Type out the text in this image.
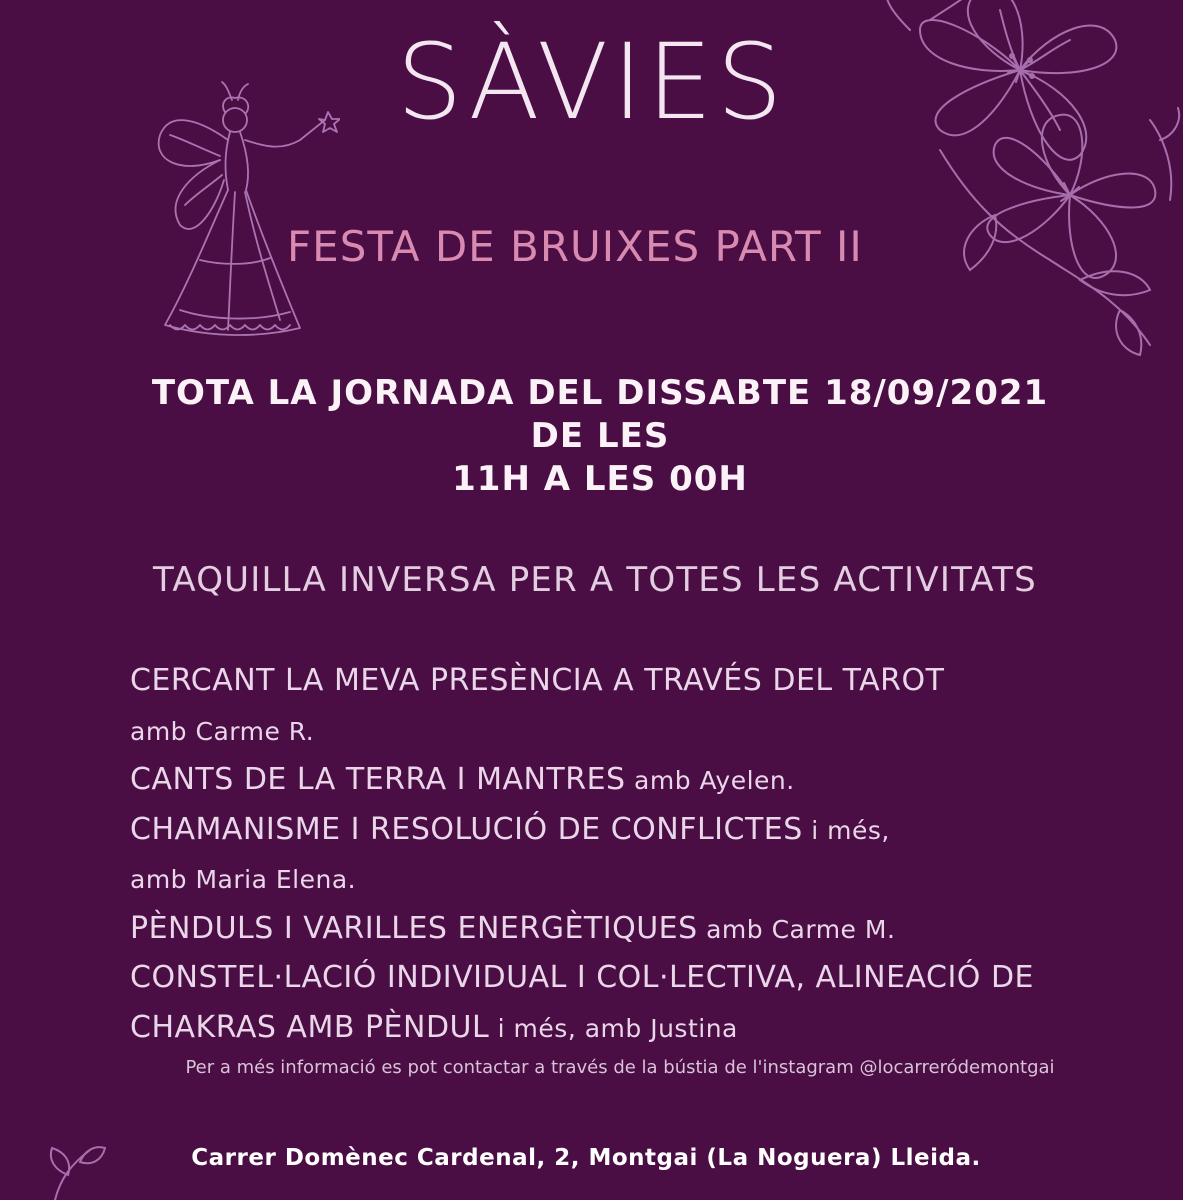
SÀVIES
FESTA DE BRUIXES PART II
TOTA LA JORNADA DEL DISSABTE 18/09/2021
DE LES
11H A LES 00H
TAQUILLA INVERSA PER A TOTES LES ACTIVITATS
CERCANT LA MEVA PRESÈNCIA A TRAVÉS DEL TAROT
amb Carme R.
CANTS DE LA TERRA I MANTRES amb Ayelen.
CHAMANISME I RESOLUCIÓ DE CONFLICTES i més,
amb Maria Elena.
PÈNDULS I VARILLES ENERGÈTIQUES amb Carme M.
CONSTEL·LACIÓ INDIVIDUAL I COL·LECTIVA, ALINEACIÓ DE
CHAKRAS AMB PÈNDUL i més, amb Justina
Per a més informació es pot contactar a través de la bústia de l'instagram @locarreródemontgai
Carrer Domènec Cardenal, 2, Montgai (La Noguera) Lleida.
